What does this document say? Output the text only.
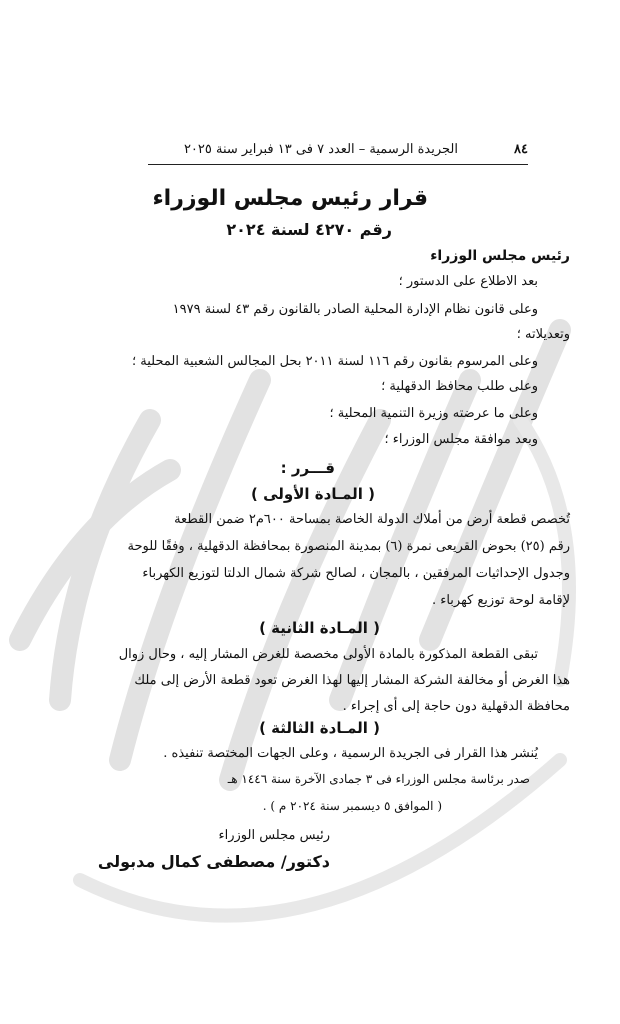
٨٤
الجريدة الرسمية – العدد ٧ فى ١٣ فبراير سنة ٢٠٢٥
قرار رئيس مجلس الوزراء
رقم ٤٢٧٠ لسنة ٢٠٢٤
رئيس مجلس الوزراء
بعد الاطلاع على الدستور ؛
وعلى قانون نظام الإدارة المحلية الصادر بالقانون رقم ٤٣ لسنة ١٩٧٩
وتعديلاته ؛
وعلى المرسوم بقانون رقم ١١٦ لسنة ٢٠١١ بحل المجالس الشعبية المحلية ؛
وعلى طلب محافظ الدقهلية ؛
وعلى ما عرضته وزيرة التنمية المحلية ؛
وبعد موافقة مجلس الوزراء ؛
قـــرر :
( المـادة الأولى )
تُخصص قطعة أرض من أملاك الدولة الخاصة بمساحة ٦٠٠م٢ ضمن القطعة
رقم (٢٥) بحوض القريعى نمرة (٦) بمدينة المنصورة بمحافظة الدقهلية ، وفقًا للوحة
وجدول الإحداثيات المرفقين ، بالمجان ، لصالح شركة شمال الدلتا لتوزيع الكهرباء
لإقامة لوحة توزيع كهرباء .
( المـادة الثانية )
تبقى القطعة المذكورة بالمادة الأولى مخصصة للغرض المشار إليه ، وحال زوال
هذا الغرض أو مخالفة الشركة المشار إليها لهذا الغرض تعود قطعة الأرض إلى ملك
محافظة الدقهلية دون حاجة إلى أى إجراء .
( المـادة الثالثة )
يُنشر هذا القرار فى الجريدة الرسمية ، وعلى الجهات المختصة تنفيذه .
صدر برئاسة مجلس الوزراء فى ٣ جمادى الآخرة سنة ١٤٤٦ هـ
( الموافق ٥ ديسمبر سنة ٢٠٢٤ م ) .
رئيس مجلس الوزراء
دكتور/ مصطفى كمال مدبولى
